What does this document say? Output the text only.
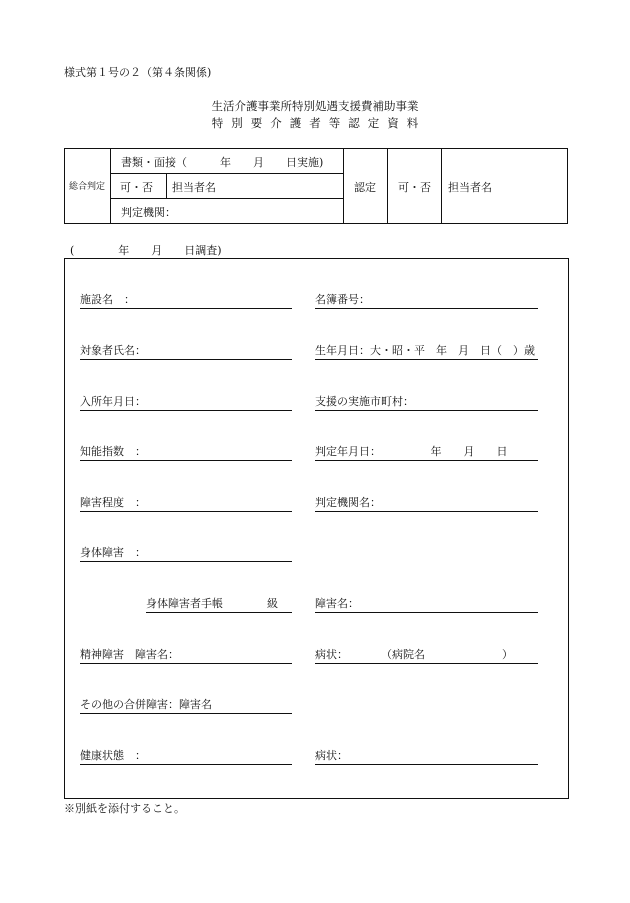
様式第１号の２（第４条関係)
生活介護事業所特別処遇支援費補助事業
特別要介護者等認定資料
総合判定
書類・面接（　　　年　　月　　日実施)
可・否 担当者名
判定機関：
認定 可・否 担当者名
(　　　　年　　月　　日調査)
施設名　：
対象者氏名：
入所年月日：
知能指数　：
障害程度　：
身体障害　：
身体障害者手帳　　　　級
精神障害　障害名：
その他の合併障害：障害名
健康状態　：
名簿番号：
生年月日：大・昭・平　年　月　日（　）歳
支援の実施市町村：
判定年月日：　　　　　年　　月　　日
判定機関名：
障害名：
病状：　　　　（病院名　　　　　　　）
病状：
※別紙を添付すること。
